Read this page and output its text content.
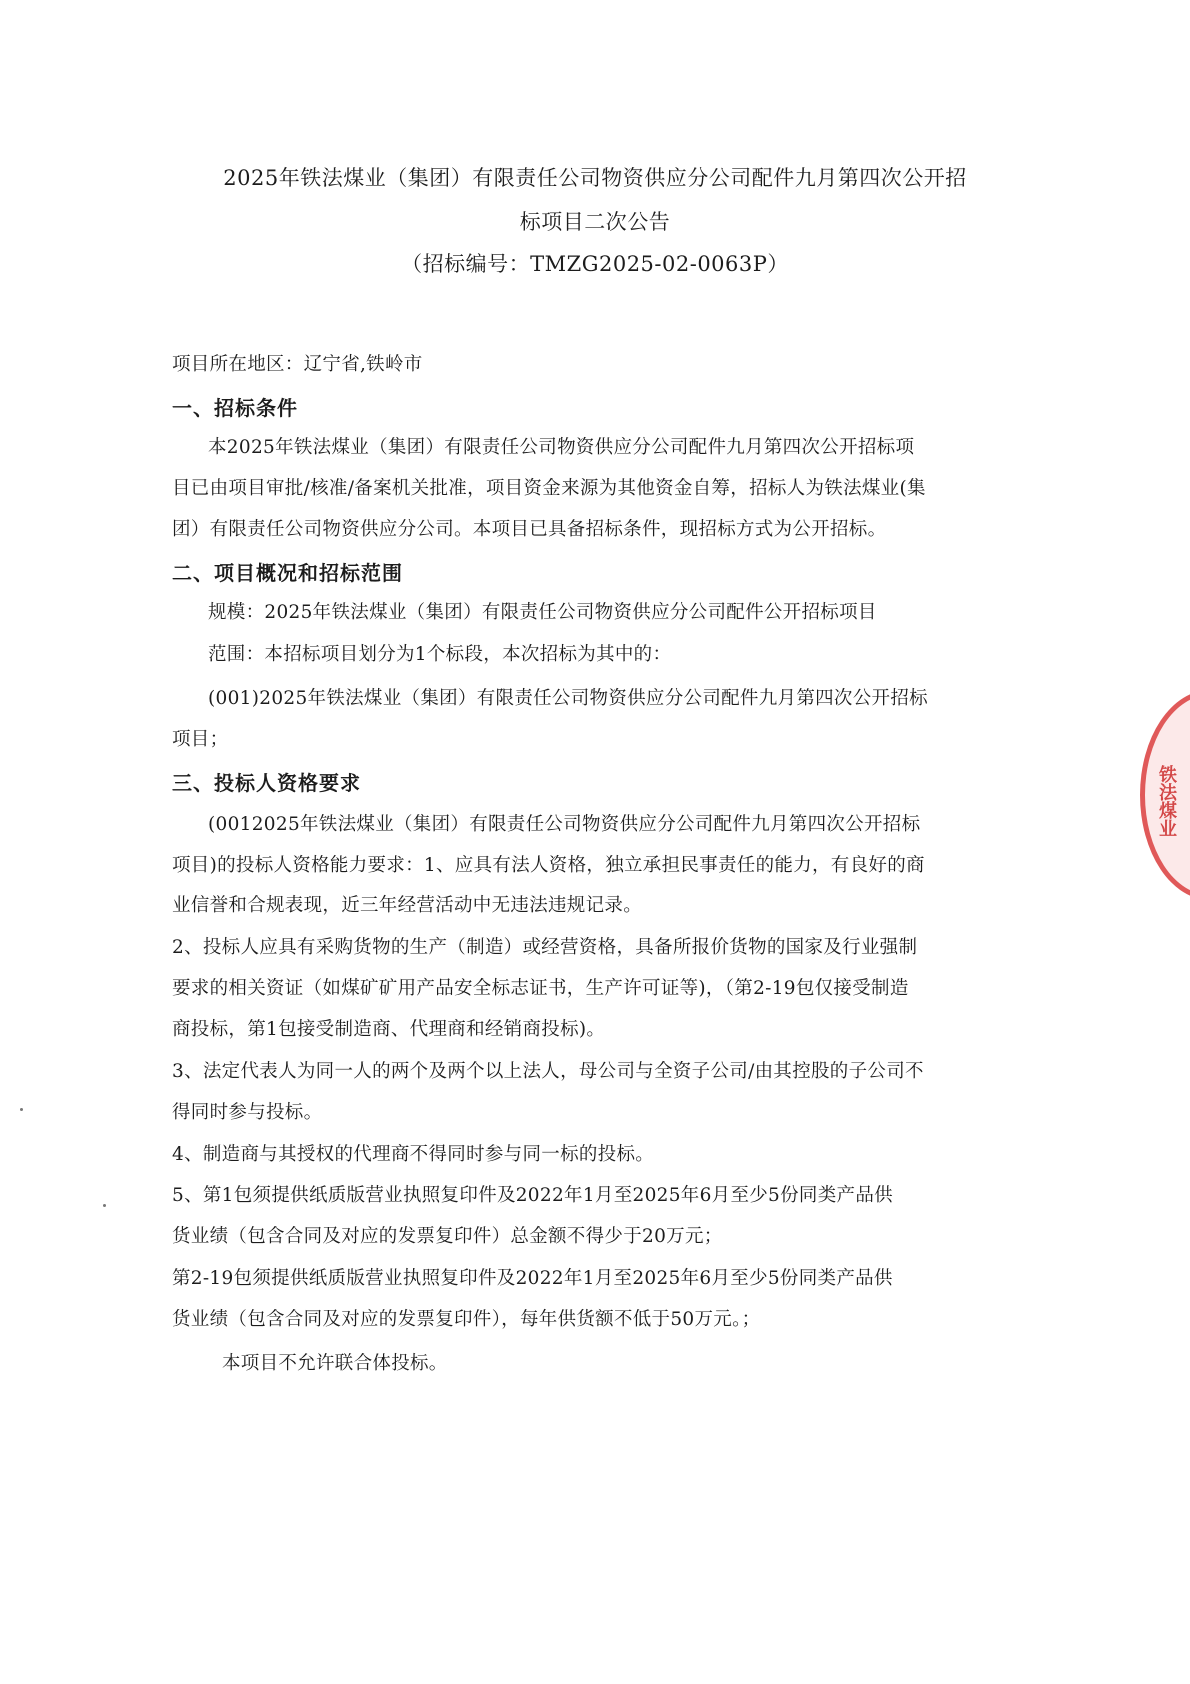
2025年铁法煤业（集团）有限责任公司物资供应分公司配件九月第四次公开招
标项目二次公告
（招标编号：TMZG2025-02-0063P）
项目所在地区：辽宁省,铁岭市
一、招标条件
本2025年铁法煤业（集团）有限责任公司物资供应分公司配件九月第四次公开招标项
目已由项目审批/核准/备案机关批准，项目资金来源为其他资金自筹，招标人为铁法煤业(集
团）有限责任公司物资供应分公司。本项目已具备招标条件，现招标方式为公开招标。
二、项目概况和招标范围
规模：2025年铁法煤业（集团）有限责任公司物资供应分公司配件公开招标项目
范围：本招标项目划分为1个标段，本次招标为其中的：
(001)2025年铁法煤业（集团）有限责任公司物资供应分公司配件九月第四次公开招标
项目；
三、投标人资格要求
(0012025年铁法煤业（集团）有限责任公司物资供应分公司配件九月第四次公开招标
项目)的投标人资格能力要求：1、应具有法人资格，独立承担民事责任的能力，有良好的商
业信誉和合规表现，近三年经营活动中无违法违规记录。
2、投标人应具有采购货物的生产（制造）或经营资格，具备所报价货物的国家及行业强制
要求的相关资证（如煤矿矿用产品安全标志证书，生产许可证等)，（第2-19包仅接受制造
商投标，第1包接受制造商、代理商和经销商投标)。
3、法定代表人为同一人的两个及两个以上法人，母公司与全资子公司/由其控股的子公司不
得同时参与投标。
4、制造商与其授权的代理商不得同时参与同一标的投标。
5、第1包须提供纸质版营业执照复印件及2022年1月至2025年6月至少5份同类产品供
货业绩（包含合同及对应的发票复印件）总金额不得少于20万元；
第2-19包须提供纸质版营业执照复印件及2022年1月至2025年6月至少5份同类产品供
货业绩（包含合同及对应的发票复印件），每年供货额不低于50万元。；
本项目不允许联合体投标。
铁法煤业
